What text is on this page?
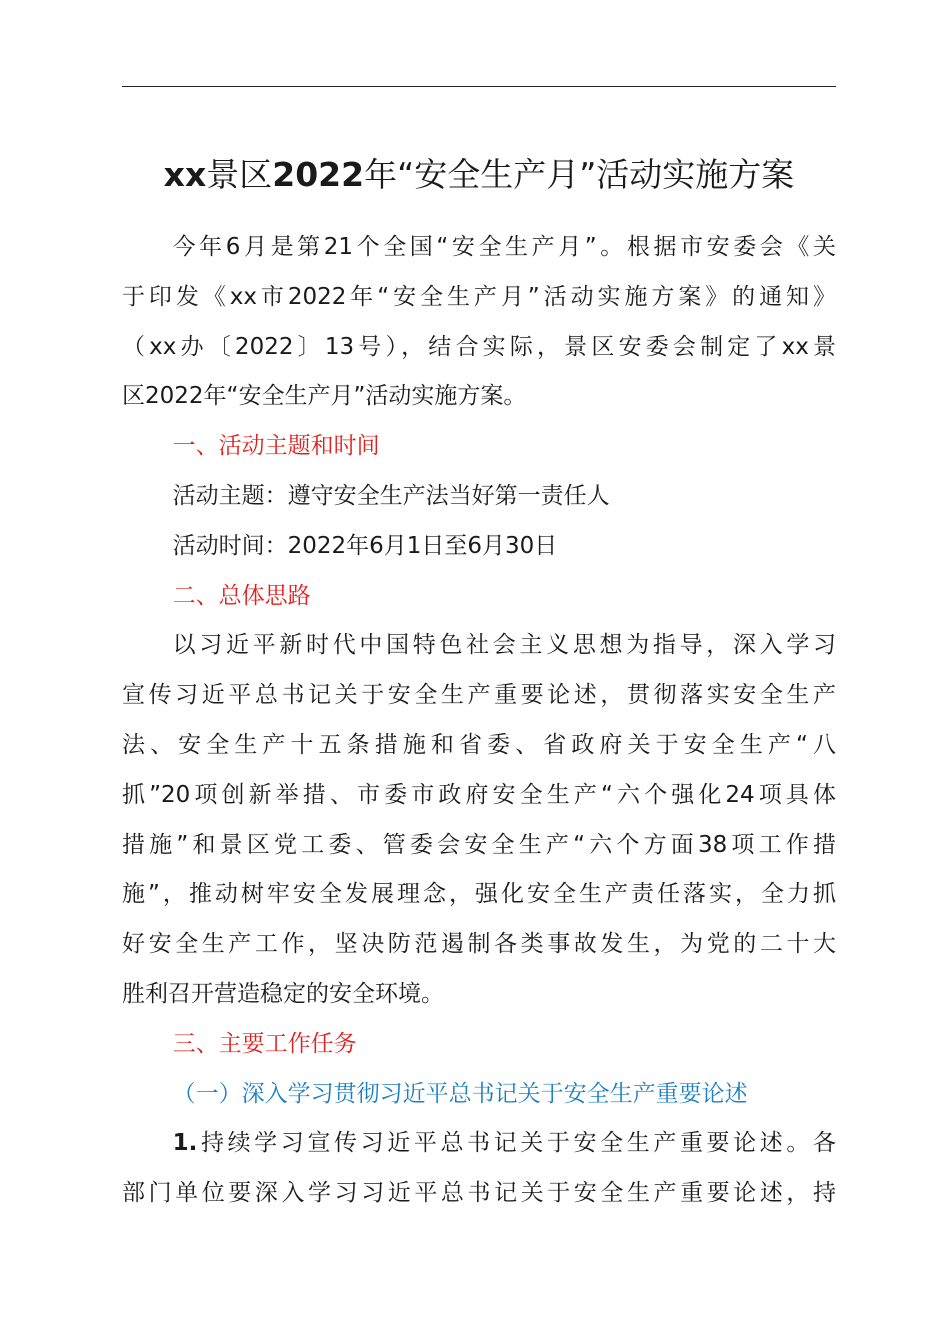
xx景区2022年“安全生产月”活动实施方案

今年6月是第21个全国“安全生产月”。根据市安委会《关
于印发《xx市2022年“安全生产月”活动实施方案》的通知》
（xx办〔2022〕13号），结合实际，景区安委会制定了xx景
区2022年“安全生产月”活动实施方案。

一、活动主题和时间

活动主题：遵守安全生产法当好第一责任人

活动时间：2022年6月1日至6月30日

二、总体思路

以习近平新时代中国特色社会主义思想为指导，深入学习
宣传习近平总书记关于安全生产重要论述，贯彻落实安全生产
法、安全生产十五条措施和省委、省政府关于安全生产“八
抓”20项创新举措、市委市政府安全生产“六个强化24项具体
措施”和景区党工委、管委会安全生产“六个方面38项工作措
施”，推动树牢安全发展理念，强化安全生产责任落实，全力抓
好安全生产工作，坚决防范遏制各类事故发生，为党的二十大
胜利召开营造稳定的安全环境。

三、主要工作任务

（一）深入学习贯彻习近平总书记关于安全生产重要论述

1.持续学习宣传习近平总书记关于安全生产重要论述。各
部门单位要深入学习习近平总书记关于安全生产重要论述，持
